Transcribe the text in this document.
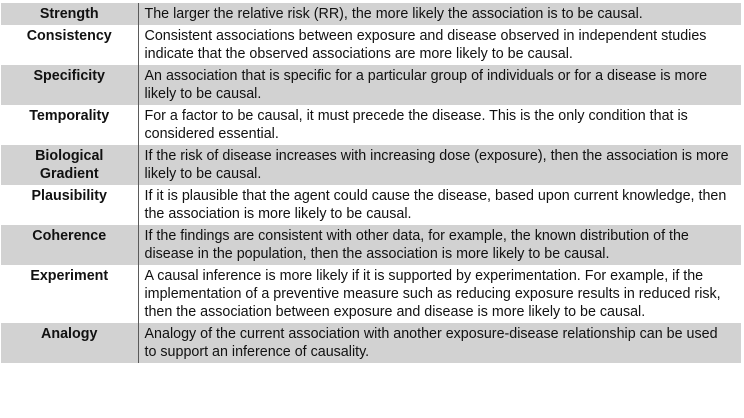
Strength	The larger the relative risk (RR), the more likely the association is to be causal.
Consistency	Consistent associations between exposure and disease observed in independent studies indicate that the observed associations are more likely to be causal.
Specificity	An association that is specific for a particular group of individuals or for a disease is more likely to be causal.
Temporality	For a factor to be causal, it must precede the disease. This is the only condition that is considered essential.
Biological Gradient	If the risk of disease increases with increasing dose (exposure), then the association is more likely to be causal.
Plausibility	If it is plausible that the agent could cause the disease, based upon current knowledge, then the association is more likely to be causal.
Coherence	If the findings are consistent with other data, for example, the known distribution of the disease in the population, then the association is more likely to be causal.
Experiment	A causal inference is more likely if it is supported by experimentation. For example, if the implementation of a preventive measure such as reducing exposure results in reduced risk, then the association between exposure and disease is more likely to be causal.
Analogy	Analogy of the current association with another exposure-disease relationship can be used to support an inference of causality.
